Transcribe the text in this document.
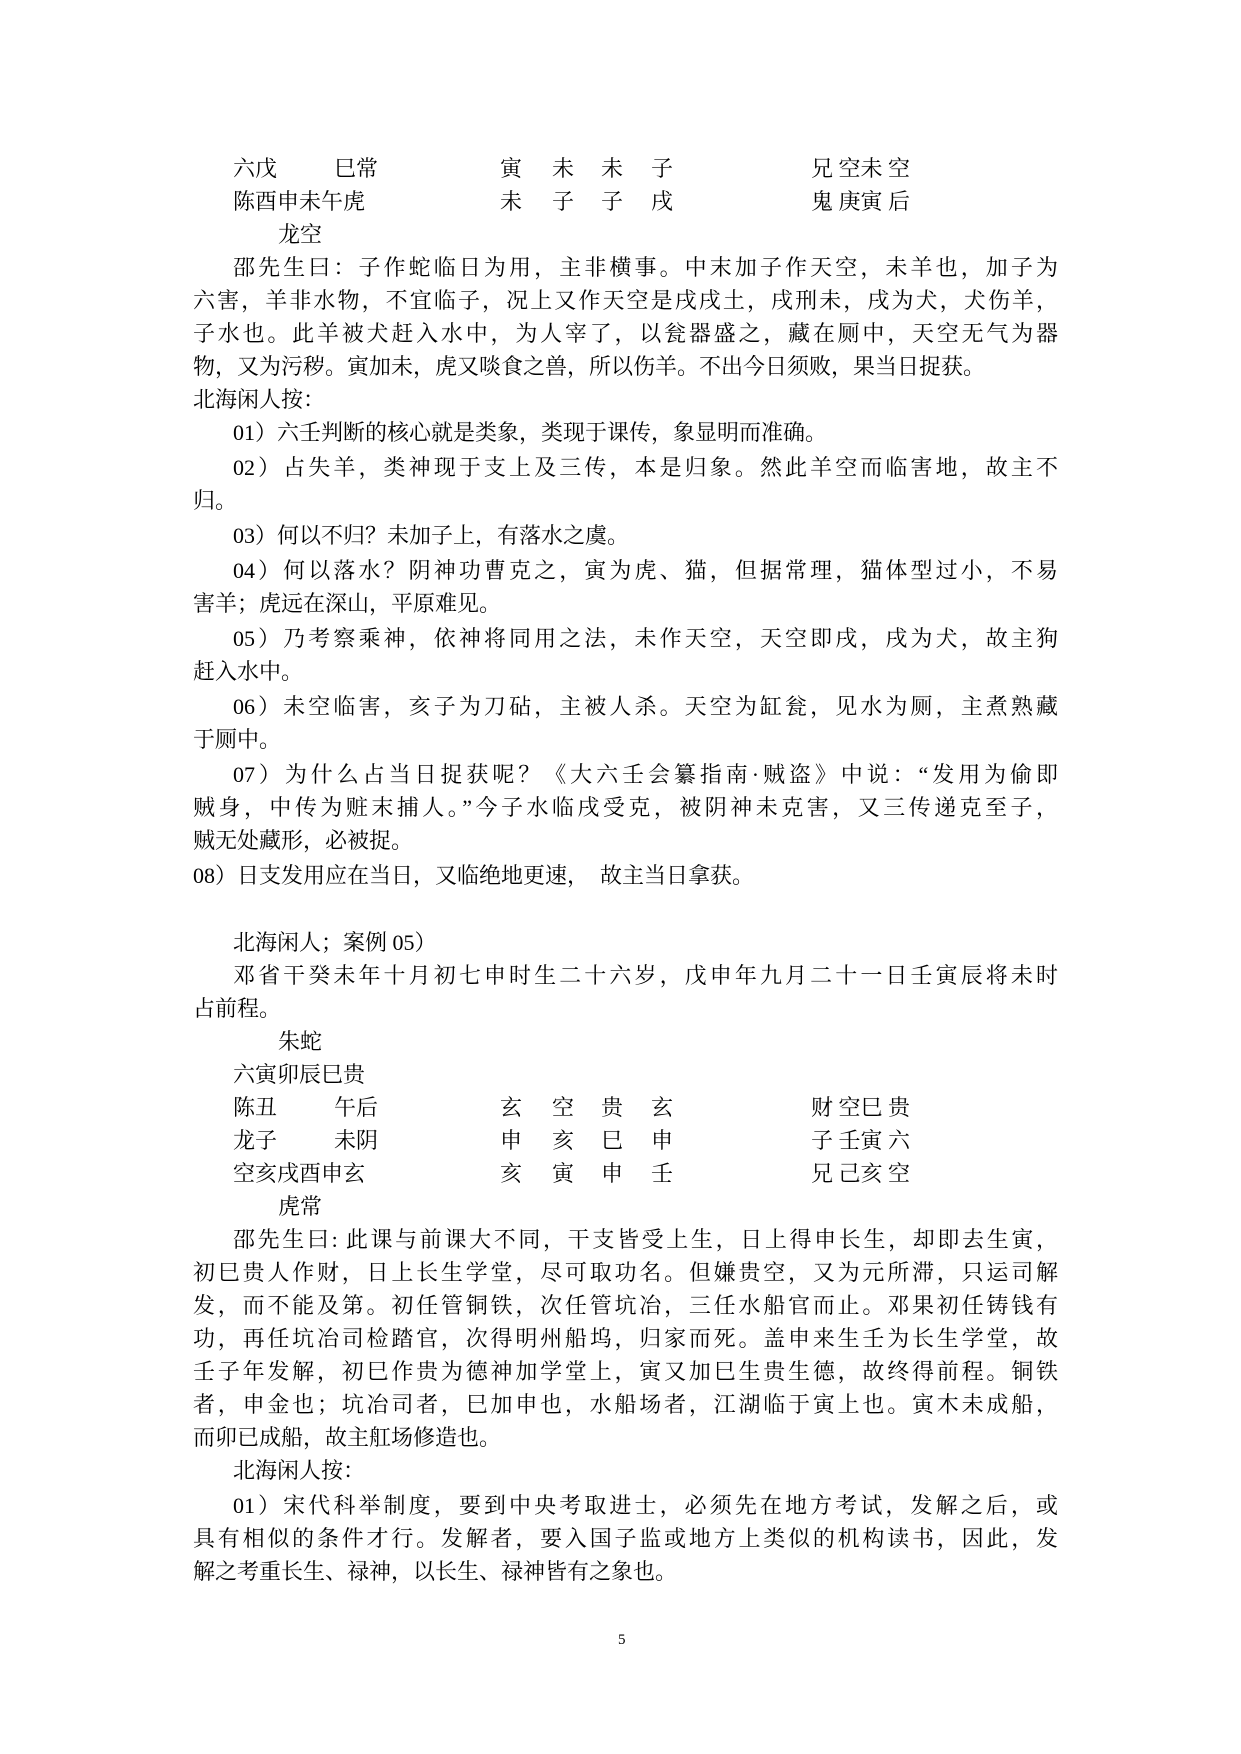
六戊	巳常	寅 未 未 子	兄 空未 空
陈酉申未午虎	未 子 子 戌	鬼 庚寅 后
龙空
邵先生曰：子作蛇临日为用，主非横事。中末加子作天空，未羊也，加子为
六害，羊非水物，不宜临子，况上又作天空是戌戌土，戌刑未，戌为犬，犬伤羊，
子水也。此羊被犬赶入水中，为人宰了，以瓮器盛之，藏在厕中，天空无气为器
物，又为污秽。寅加未，虎又啖食之兽，所以伤羊。不出今日须败，果当日捉获。
北海闲人按：
01）六壬判断的核心就是类象，类现于课传，象显明而准确。
02）占失羊，类神现于支上及三传，本是归象。然此羊空而临害地，故主不
归。
03）何以不归？未加子上，有落水之虞。
04）何以落水？阴神功曹克之，寅为虎、猫，但据常理，猫体型过小，不易
害羊；虎远在深山，平原难见。
05）乃考察乘神，依神将同用之法，未作天空，天空即戌，戌为犬，故主狗
赶入水中。
06）未空临害，亥子为刀砧，主被人杀。天空为缸瓮，见水为厕，主煮熟藏
于厕中。
07）为什么占当日捉获呢？《大六壬会纂指南·贼盗》中说：“发用为偷即
贼身，中传为赃末捕人。”今子水临戌受克，被阴神未克害，又三传递克至子，
贼无处藏形，必被捉。
08）日支发用应在当日，又临绝地更速，  故主当日拿获。
北海闲人；案例 05）
邓省干癸未年十月初七申时生二十六岁，戊申年九月二十一日壬寅辰将未时
占前程。
朱蛇
六寅卯辰巳贵
陈丑	午后	玄 空 贵 玄	财 空巳 贵
龙子	未阴	申 亥 巳 申	子 壬寅 六
空亥戌酉申玄	亥 寅 申 壬	兄 己亥 空
虎常
邵先生曰: 此课与前课大不同，干支皆受上生，日上得申长生，却即去生寅，
初巳贵人作财，日上长生学堂，尽可取功名。但嫌贵空，又为元所滞，只运司解
发，而不能及第。初任管铜铁，次任管坑冶，三任水船官而止。邓果初任铸钱有
功，再任坑冶司检踏官，次得明州船坞，归家而死。盖申来生壬为长生学堂，故
壬子年发解，初巳作贵为德神加学堂上，寅又加巳生贵生德，故终得前程。铜铁
者，申金也；坑冶司者，巳加申也，水船场者，江湖临于寅上也。寅木未成船，
而卯已成船，故主舡场修造也。
北海闲人按：
01）宋代科举制度，要到中央考取进士，必须先在地方考试，发解之后，或
具有相似的条件才行。发解者，要入国子监或地方上类似的机构读书，因此，发
解之考重长生、禄神，以长生、禄神皆有之象也。
5
